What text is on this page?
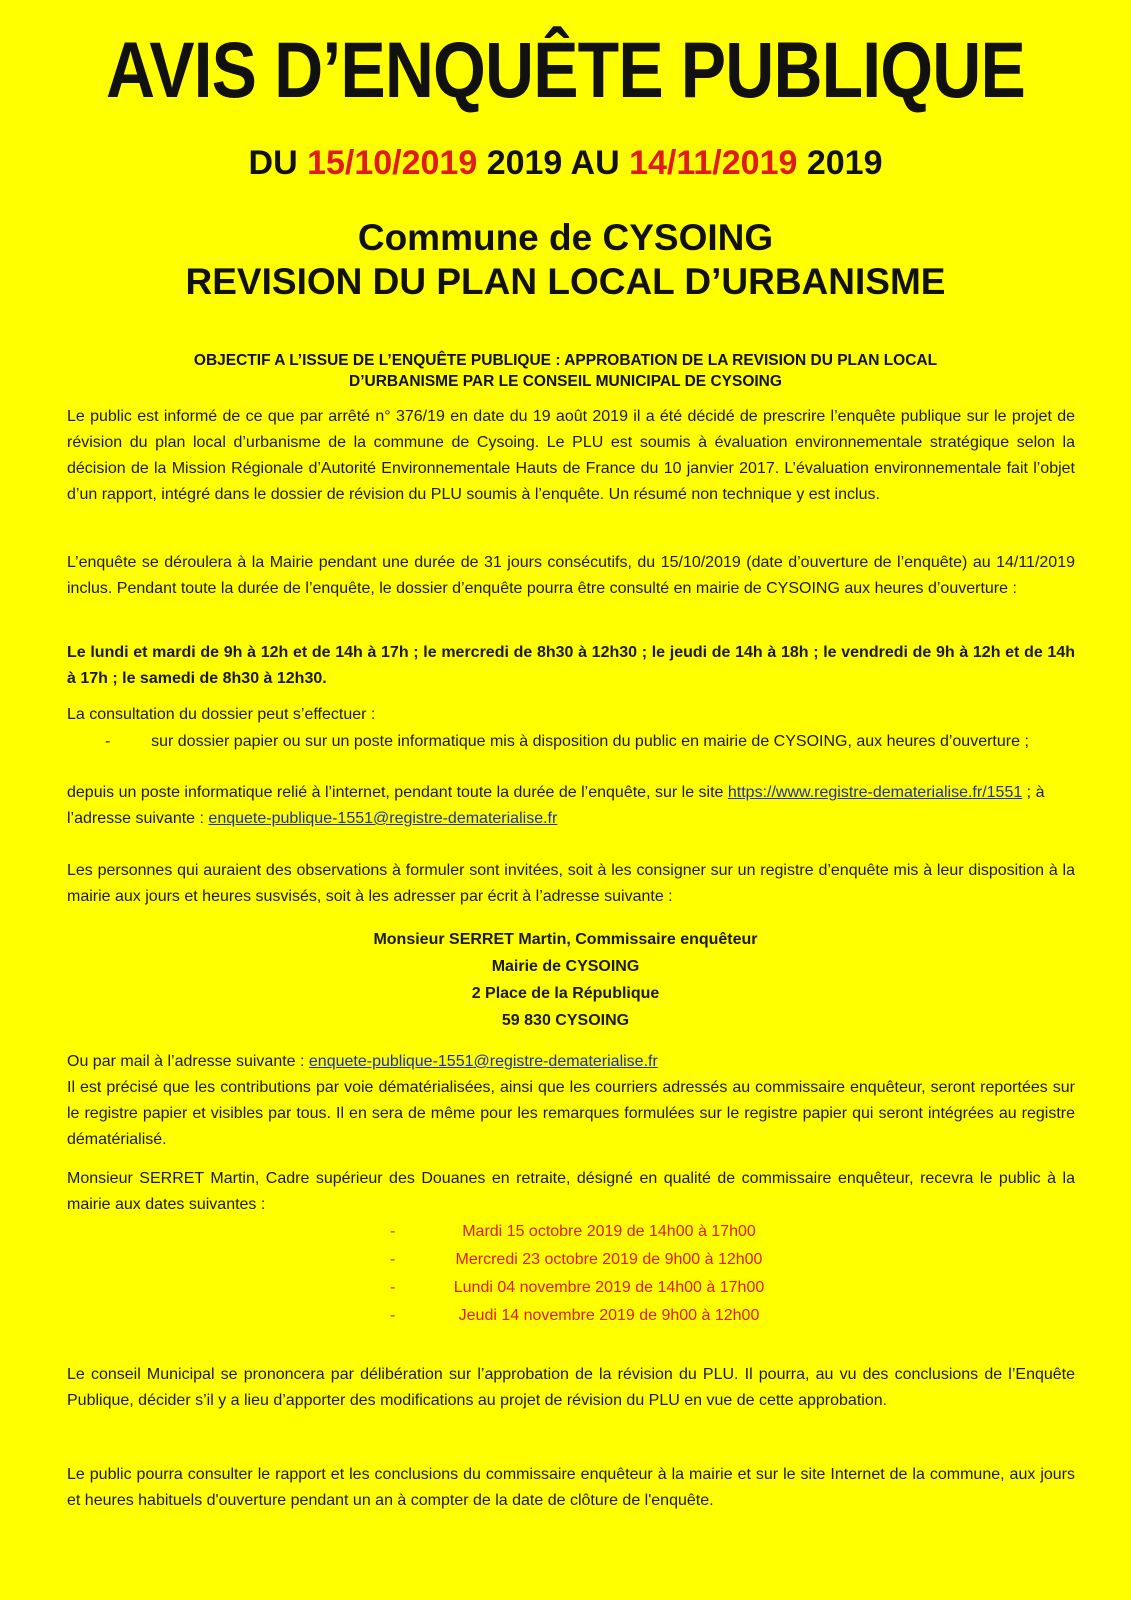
AVIS D’ENQUÊTE PUBLIQUE
DU 15/10/2019 2019 AU 14/11/2019 2019
Commune de CYSOING
REVISION DU PLAN LOCAL D’URBANISME
OBJECTIF A L’ISSUE DE L’ENQUÊTE PUBLIQUE : APPROBATION DE LA REVISION DU PLAN LOCAL
D’URBANISME PAR LE CONSEIL MUNICIPAL DE CYSOING
Le public est informé de ce que par arrêté n° 376/19 en date du 19 août 2019 il a été décidé de prescrire l’enquête publique sur le projet de révision du plan local d’urbanisme de la commune de Cysoing. Le PLU est soumis à évaluation environnementale stratégique selon la décision de la Mission Régionale d’Autorité Environnementale Hauts de France du 10 janvier 2017. L’évaluation environnementale fait l’objet d’un rapport, intégré dans le dossier de révision du PLU soumis à l’enquête. Un résumé non technique y est inclus.
L’enquête se déroulera à la Mairie pendant une durée de 31 jours consécutifs, du 15/10/2019 (date d’ouverture de l’enquête) au 14/11/2019 inclus. Pendant toute la durée de l’enquête, le dossier d’enquête pourra être consulté en mairie de CYSOING aux heures d’ouverture :
Le lundi et mardi de 9h à 12h et de 14h à 17h ; le mercredi de 8h30 à 12h30 ; le jeudi de 14h à 18h ; le vendredi de 9h à 12h et de 14h à 17h ; le samedi de 8h30 à 12h30.
La consultation du dossier peut s’effectuer :
-	sur dossier papier ou sur un poste informatique mis à disposition du public en mairie de CYSOING, aux heures d’ouverture ;
depuis un poste informatique relié à l’internet, pendant toute la durée de l’enquête, sur le site https://www.registre-dematerialise.fr/1551 ; à l’adresse suivante : enquete-publique-1551@registre-dematerialise.fr
Les personnes qui auraient des observations à formuler sont invitées, soit à les consigner sur un registre d’enquête mis à leur disposition à la mairie aux jours et heures susvisés, soit à les adresser par écrit à l’adresse suivante :
Monsieur SERRET Martin, Commissaire enquêteur
Mairie de CYSOING
2 Place de la République
59 830 CYSOING
Ou par mail à l’adresse suivante : enquete-publique-1551@registre-dematerialise.fr
Il est précisé que les contributions par voie dématérialisées, ainsi que les courriers adressés au commissaire enquêteur, seront reportées sur le registre papier et visibles par tous. Il en sera de même pour les remarques formulées sur le registre papier qui seront intégrées au registre dématérialisé.
Monsieur SERRET Martin, Cadre supérieur des Douanes en retraite, désigné en qualité de commissaire enquêteur, recevra le public à la mairie aux dates suivantes :
-	Mardi 15 octobre 2019 de 14h00 à 17h00
-	Mercredi 23 octobre 2019 de 9h00 à 12h00
-	Lundi 04 novembre 2019 de 14h00 à 17h00
-	Jeudi 14 novembre 2019 de 9h00 à 12h00
Le conseil Municipal se prononcera par délibération sur l’approbation de la révision du PLU. Il pourra, au vu des conclusions de l’Enquête Publique, décider s’il y a lieu d’apporter des modifications au projet de révision du PLU en vue de cette approbation.
Le public pourra consulter le rapport et les conclusions du commissaire enquêteur à la mairie et sur le site Internet de la commune, aux jours et heures habituels d'ouverture pendant un an à compter de la date de clôture de l'enquête.
